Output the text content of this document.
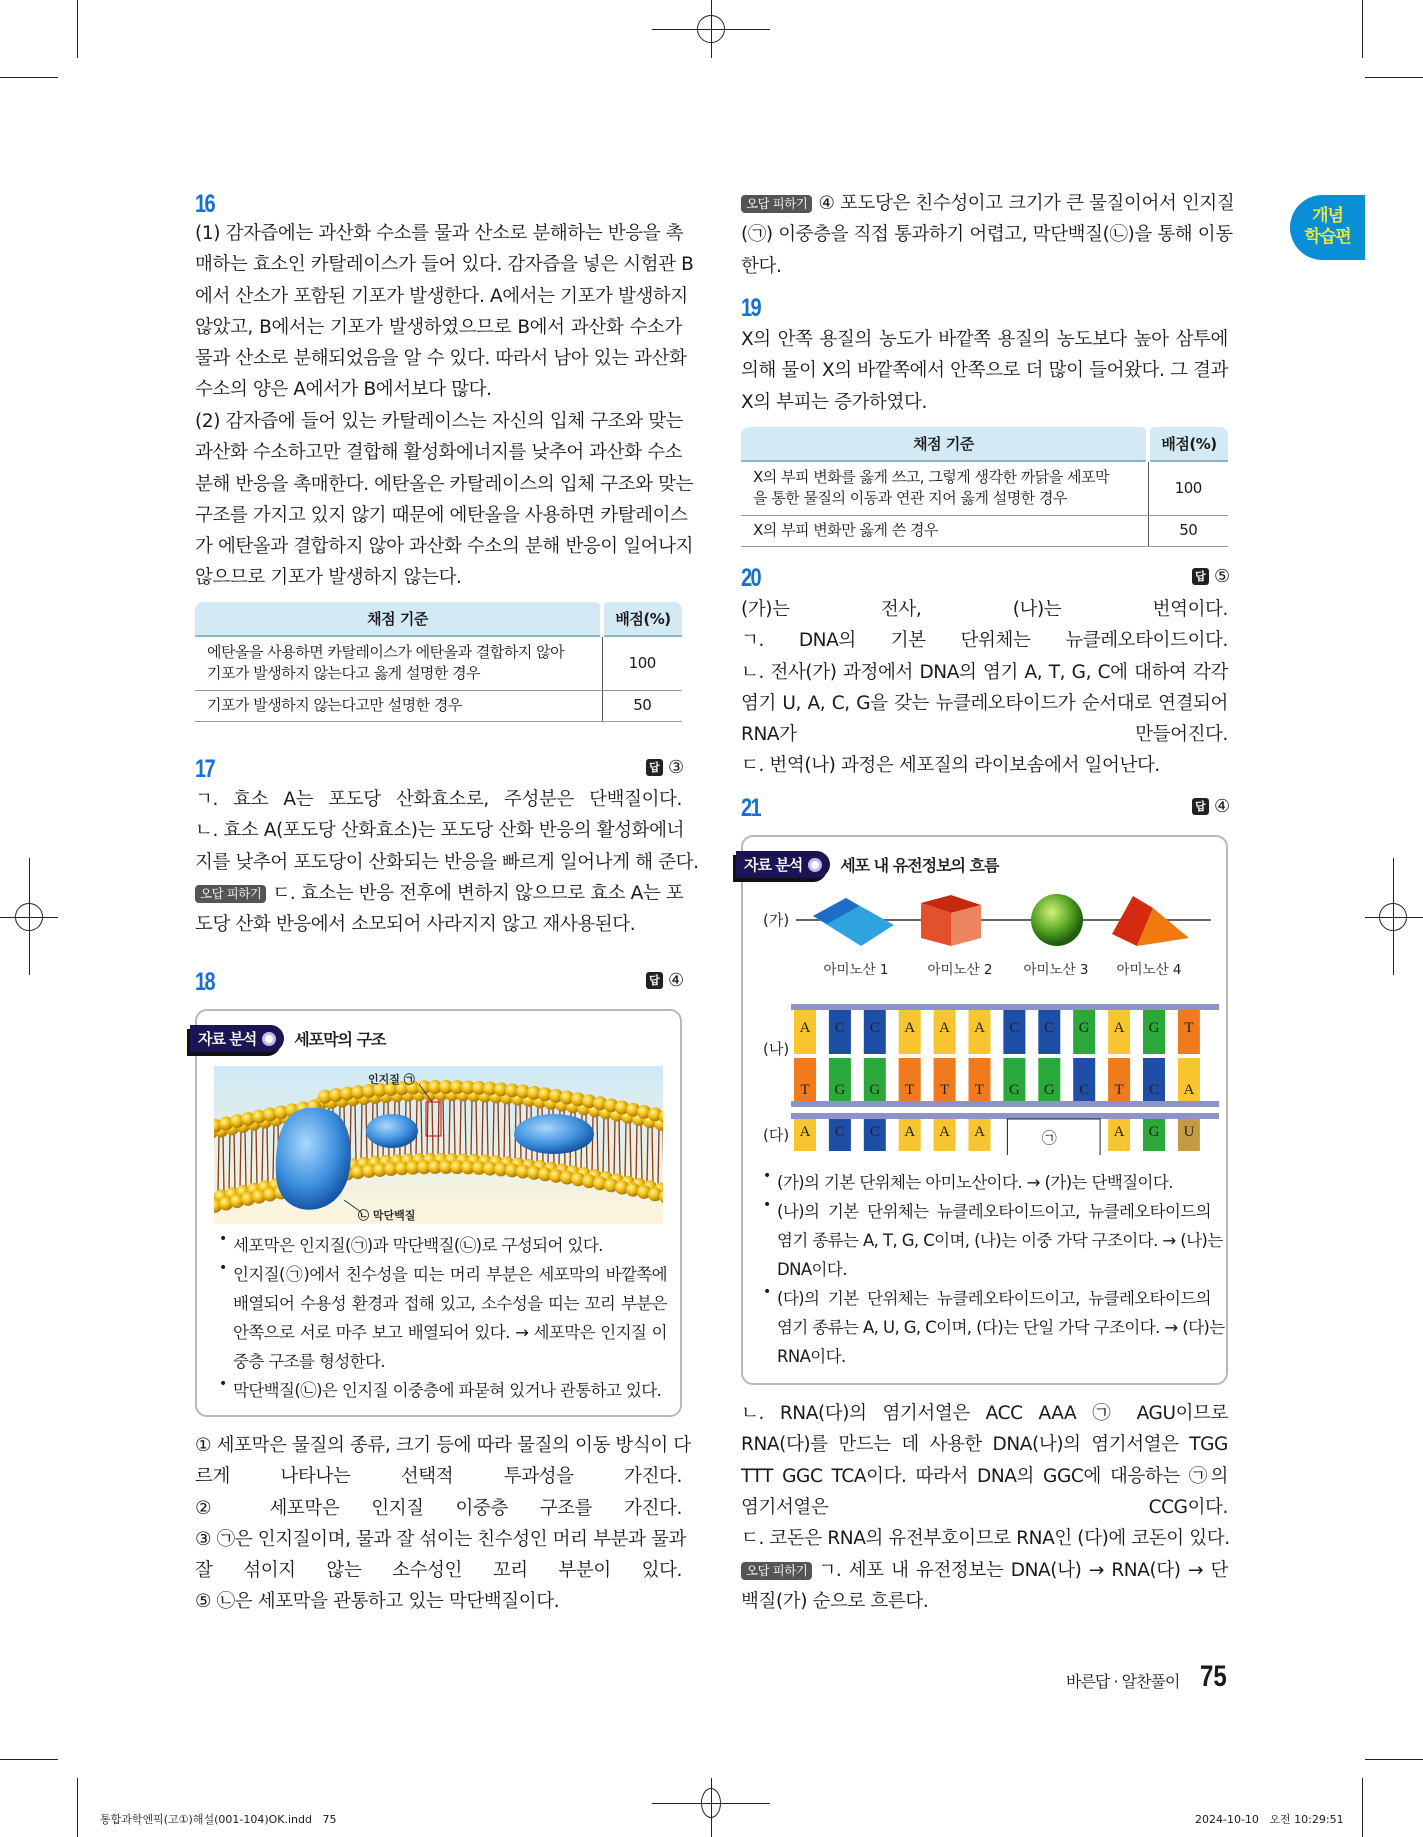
개념
학습편
16
(1) 감자즙에는 과산화 수소를 물과 산소로 분해하는 반응을 촉
매하는 효소인 카탈레이스가 들어 있다. 감자즙을 넣은 시험관 B
에서 산소가 포함된 기포가 발생한다. A에서는 기포가 발생하지
않았고, B에서는 기포가 발생하였으므로 B에서 과산화 수소가
물과 산소로 분해되었음을 알 수 있다. 따라서 남아 있는 과산화
수소의 양은 A에서가 B에서보다 많다.
(2) 감자즙에 들어 있는 카탈레이스는 자신의 입체 구조와 맞는
과산화 수소하고만 결합해 활성화에너지를 낮추어 과산화 수소
분해 반응을 촉매한다. 에탄올은 카탈레이스의 입체 구조와 맞는
구조를 가지고 있지 않기 때문에 에탄올을 사용하면 카탈레이스
가 에탄올과 결합하지 않아 과산화 수소의 분해 반응이 일어나지
않으므로 기포가 발생하지 않는다.
채점 기준	배점(%)

에탄올을 사용하면 카탈레이스가 에탄올과 결합하지 않아
기포가 발생하지 않는다고 옳게 설명한 경우	100

기포가 발생하지 않는다고만 설명한 경우	50
17	답 ③
ㄱ. 효소 A는 포도당 산화효소로, 주성분은 단백질이다.
ㄴ. 효소 A(포도당 산화효소)는 포도당 산화 반응의 활성화에너
지를 낮추어 포도당이 산화되는 반응을 빠르게 일어나게 해 준다.
오답 피하기 ㄷ. 효소는 반응 전후에 변하지 않으므로 효소 A는 포
도당 산화 반응에서 소모되어 사라지지 않고 재사용된다.
18	답 ④
자료 분석 세포막의 구조
인지질 ㉠
㉡ 막단백질
• 세포막은 인지질(㉠)과 막단백질(㉡)로 구성되어 있다.
• 인지질(㉠)에서 친수성을 띠는 머리 부분은 세포막의 바깥쪽에
배열되어 수용성 환경과 접해 있고, 소수성을 띠는 꼬리 부분은
안쪽으로 서로 마주 보고 배열되어 있다. → 세포막은 인지질 이
중층 구조를 형성한다.
• 막단백질(㉡)은 인지질 이중층에 파묻혀 있거나 관통하고 있다.
① 세포막은 물질의 종류, 크기 등에 따라 물질의 이동 방식이 다
르게 나타나는 선택적 투과성을 가진다.
② 세포막은 인지질 이중층 구조를 가진다.
③ ㉠은 인지질이며, 물과 잘 섞이는 친수성인 머리 부분과 물과
잘 섞이지 않는 소수성인 꼬리 부분이 있다.
⑤ ㉡은 세포막을 관통하고 있는 막단백질이다.
오답 피하기 ④ 포도당은 친수성이고 크기가 큰 물질이어서 인지질
(㉠) 이중층을 직접 통과하기 어렵고, 막단백질(㉡)을 통해 이동
한다.
19
X의 안쪽 용질의 농도가 바깥쪽 용질의 농도보다 높아 삼투에
의해 물이 X의 바깥쪽에서 안쪽으로 더 많이 들어왔다. 그 결과
X의 부피는 증가하였다.
채점 기준	배점(%)

X의 부피 변화를 옳게 쓰고, 그렇게 생각한 까닭을 세포막
을 통한 물질의 이동과 연관 지어 옳게 설명한 경우	100

X의 부피 변화만 옳게 쓴 경우	50
20	답 ⑤
(가)는 전사, (나)는 번역이다.
ㄱ. DNA의 기본 단위체는 뉴클레오타이드이다.
ㄴ. 전사(가) 과정에서 DNA의 염기 A, T, G, C에 대하여 각각
염기 U, A, C, G을 갖는 뉴클레오타이드가 순서대로 연결되어
RNA가 만들어진다.
ㄷ. 번역(나) 과정은 세포질의 라이보솜에서 일어난다.
21	답 ④
자료 분석 세포 내 유전정보의 흐름
(가)
(나)
(다)
아미노산 1	아미노산 2 아미노산 3 아미노산 4
A C C A A A C C G A G T
T G G T T T G G C T C A
A C C A A A	A G U
㉠
• (가)의 기본 단위체는 아미노산이다. → (가)는 단백질이다.
• (나)의 기본 단위체는 뉴클레오타이드이고, 뉴클레오타이드의
염기 종류는 A, T, G, C이며, (나)는 이중 가닥 구조이다. → (나)는
DNA이다.
• (다)의 기본 단위체는 뉴클레오타이드이고, 뉴클레오타이드의
염기 종류는 A, U, G, C이며, (다)는 단일 가닥 구조이다. → (다)는
RNA이다.
ㄴ. RNA(다)의 염기서열은 ACC AAA ㉠ AGU이므로
RNA(다)를 만드는 데 사용한 DNA(나)의 염기서열은 TGG
TTT GGC TCA이다. 따라서 DNA의 GGC에 대응하는 ㉠의
염기서열은 CCG이다.
ㄷ. 코돈은 RNA의 유전부호이므로 RNA인 (다)에 코돈이 있다.
오답 피하기 ㄱ. 세포 내 유전정보는 DNA(나) → RNA(다) → 단
백질(가) 순으로 흐른다.
바른답 · 알찬풀이 75
통합과학엔픽(고①)해설(001-104)OK.indd   75	2024-10-10   오전 10:29:51
